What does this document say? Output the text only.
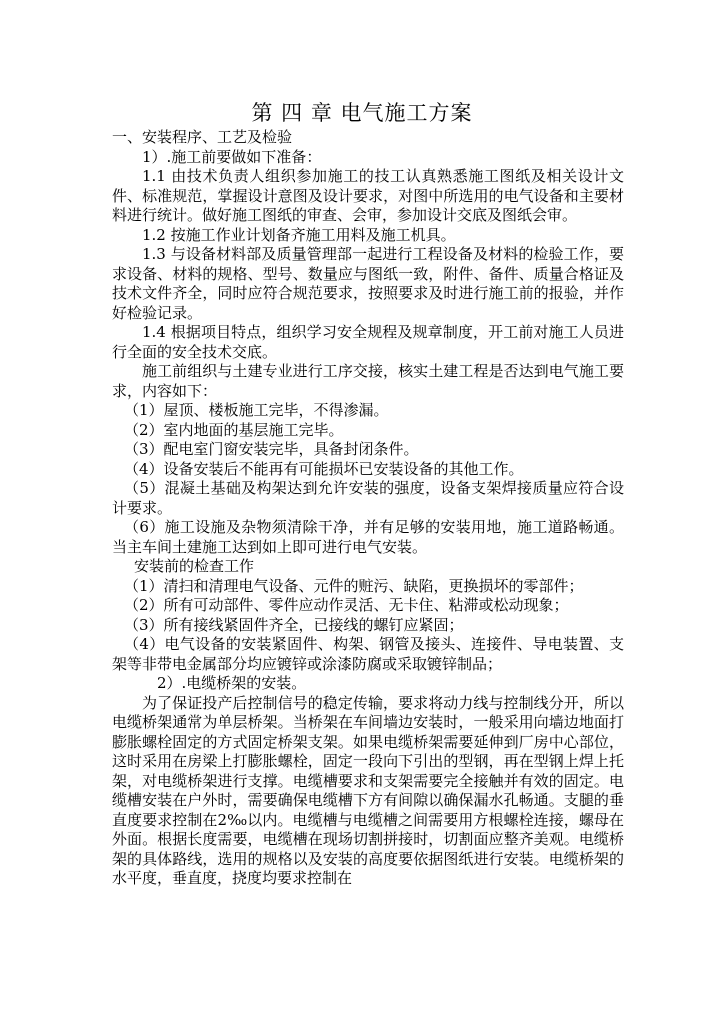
第 四 章 电气施工方案

一、安装程序、工艺及检验

1）.施工前要做如下准备：

1.1 由技术负责人组织参加施工的技工认真熟悉施工图纸及相关设计文件、标准规范，掌握设计意图及设计要求，对图中所选用的电气设备和主要材料进行统计。做好施工图纸的审查、会审，参加设计交底及图纸会审。

1.2 按施工作业计划备齐施工用料及施工机具。

1.3 与设备材料部及质量管理部一起进行工程设备及材料的检验工作，要求设备、材料的规格、型号、数量应与图纸一致，附件、备件、质量合格证及技术文件齐全，同时应符合规范要求，按照要求及时进行施工前的报验，并作好检验记录。

1.4 根据项目特点，组织学习安全规程及规章制度，开工前对施工人员进行全面的安全技术交底。

施工前组织与土建专业进行工序交接，核实土建工程是否达到电气施工要求，内容如下：

（1）屋顶、楼板施工完毕，不得渗漏。

（2）室内地面的基层施工完毕。

（3）配电室门窗安装完毕，具备封闭条件。

（4）设备安装后不能再有可能损坏已安装设备的其他工作。

（5）混凝土基础及构架达到允许安装的强度，设备支架焊接质量应符合设计要求。

（6）施工设施及杂物须清除干净，并有足够的安装用地，施工道路畅通。当主车间土建施工达到如上即可进行电气安装。

安装前的检查工作

（1）清扫和清理电气设备、元件的赃污、缺陷，更换损坏的零部件；

（2）所有可动部件、零件应动作灵活、无卡住、粘滞或松动现象；

（3）所有接线紧固件齐全，已接线的螺钉应紧固；

（4）电气设备的安装紧固件、构架、钢管及接头、连接件、导电装置、支架等非带电金属部分均应镀锌或涂漆防腐或采取镀锌制品；

2）.电缆桥架的安装。

为了保证投产后控制信号的稳定传输，要求将动力线与控制线分开，所以电缆桥架通常为单层桥架。当桥架在车间墙边安装时，一般采用向墙边地面打膨胀螺栓固定的方式固定桥架支架。如果电缆桥架需要延伸到厂房中心部位，这时采用在房梁上打膨胀螺栓，固定一段向下引出的型钢，再在型钢上焊上托架，对电缆桥架进行支撑。电缆槽要求和支架需要完全接触并有效的固定。电缆槽安装在户外时，需要确保电缆槽下方有间隙以确保漏水孔畅通。支腿的垂直度要求控制在2‰以内。电缆槽与电缆槽之间需要用方根螺栓连接，螺母在外面。根据长度需要，电缆槽在现场切割拼接时，切割面应整齐美观。电缆桥架的具体路线，选用的规格以及安装的高度要依据图纸进行安装。电缆桥架的水平度，垂直度，挠度均要求控制在
